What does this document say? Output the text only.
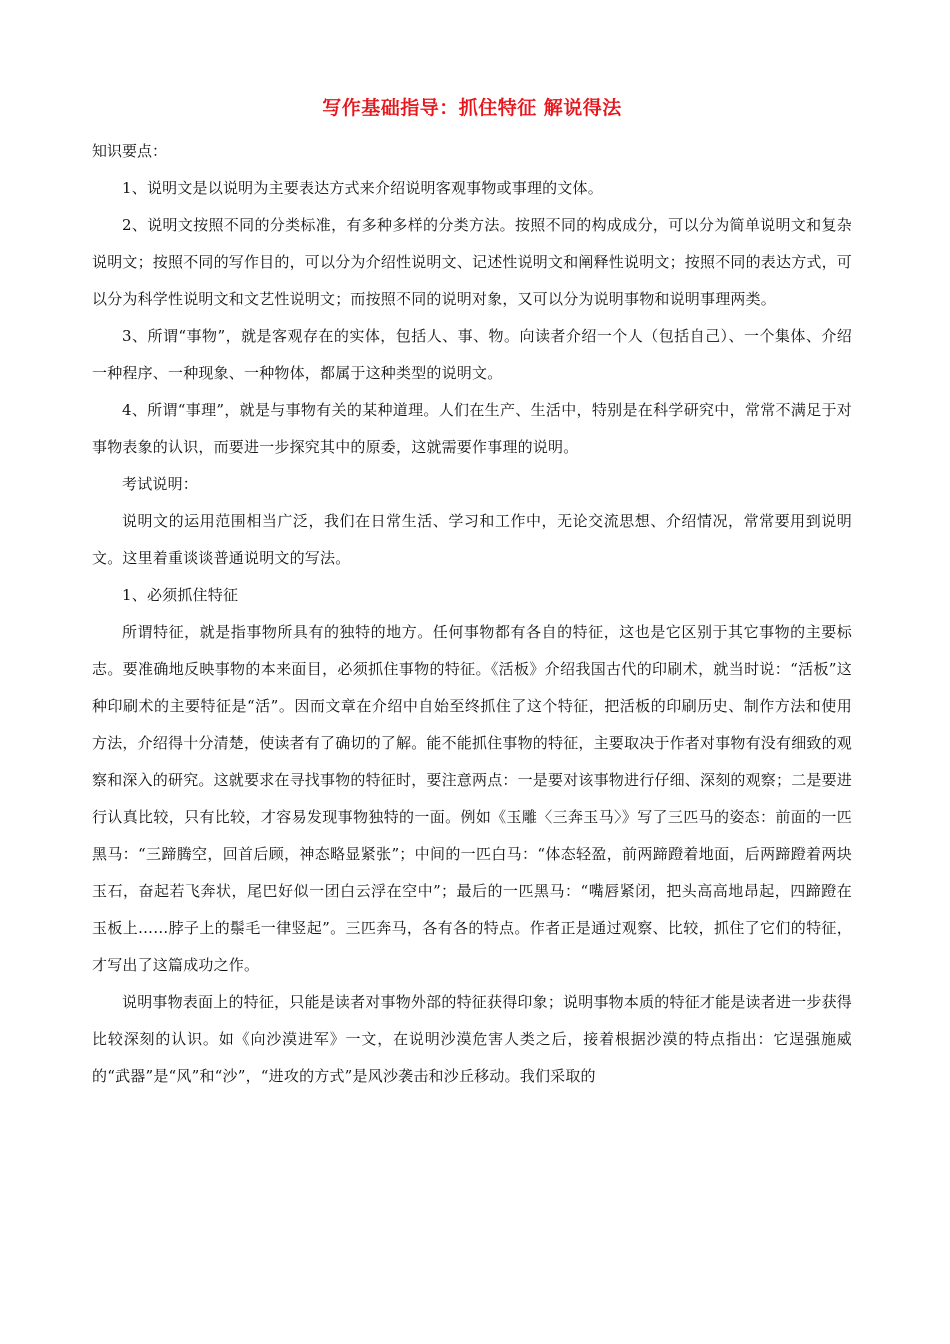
写作基础指导：抓住特征 解说得法
知识要点：

1、说明文是以说明为主要表达方式来介绍说明客观事物或事理的文体。

2、说明文按照不同的分类标准，有多种多样的分类方法。按照不同的构成成分，可以分为简单说明文和复杂说明文；按照不同的写作目的，可以分为介绍性说明文、记述性说明文和阐释性说明文；按照不同的表达方式，可以分为科学性说明文和文艺性说明文；而按照不同的说明对象，又可以分为说明事物和说明事理两类。

3、所谓“事物”，就是客观存在的实体，包括人、事、物。向读者介绍一个人（包括自己）、一个集体、介绍一种程序、一种现象、一种物体，都属于这种类型的说明文。

4、所谓“事理”，就是与事物有关的某种道理。人们在生产、生活中，特别是在科学研究中，常常不满足于对事物表象的认识，而要进一步探究其中的原委，这就需要作事理的说明。

考试说明：

说明文的运用范围相当广泛，我们在日常生活、学习和工作中，无论交流思想、介绍情况，常常要用到说明文。这里着重谈谈普通说明文的写法。

1、必须抓住特征

所谓特征，就是指事物所具有的独特的地方。任何事物都有各自的特征，这也是它区别于其它事物的主要标志。要准确地反映事物的本来面目，必须抓住事物的特征。《活板》介绍我国古代的印刷术，就当时说：“活板”这种印刷术的主要特征是“活”。因而文章在介绍中自始至终抓住了这个特征，把活板的印刷历史、制作方法和使用方法，介绍得十分清楚，使读者有了确切的了解。能不能抓住事物的特征，主要取决于作者对事物有没有细致的观察和深入的研究。这就要求在寻找事物的特征时，要注意两点：一是要对该事物进行仔细、深刻的观察；二是要进行认真比较，只有比较，才容易发现事物独特的一面。例如《玉雕〈三奔玉马〉》写了三匹马的姿态：前面的一匹黑马：“三蹄腾空，回首后顾，神态略显紧张”；中间的一匹白马：“体态轻盈，前两蹄蹬着地面，后两蹄蹬着两块玉石，奋起若飞奔状，尾巴好似一团白云浮在空中”；最后的一匹黑马：“嘴唇紧闭，把头高高地昂起，四蹄蹬在玉板上……脖子上的鬃毛一律竖起”。三匹奔马，各有各的特点。作者正是通过观察、比较，抓住了它们的特征，才写出了这篇成功之作。

说明事物表面上的特征，只能是读者对事物外部的特征获得印象；说明事物本质的特征才能是读者进一步获得比较深刻的认识。如《向沙漠进军》一文，在说明沙漠危害人类之后，接着根据沙漠的特点指出：它逞强施威的“武器”是“风”和“沙”，“进攻的方式”是风沙袭击和沙丘移动。我们采取的
